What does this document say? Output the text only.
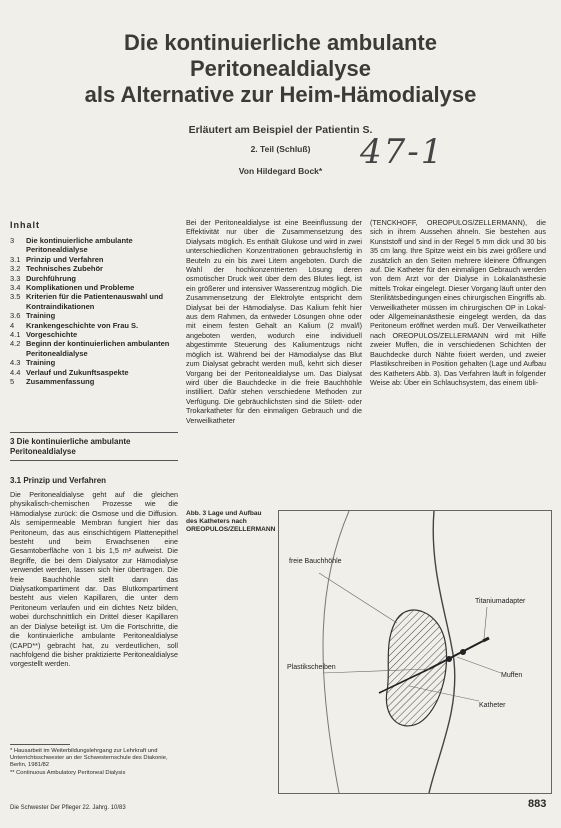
Die kontinuierliche ambulante
Peritonealdialyse
als Alternative zur Heim-Hämodialyse
Erläutert am Beispiel der Patientin S.
2. Teil (Schluß)
Von Hildegard Bock*	47-1
Inhalt
3	Die kontinuierliche ambulante Peritonealdialyse
3.1 Prinzip und Verfahren
3.2 Technisches Zubehör
3.3 Durchführung
3.4 Komplikationen und Probleme
3.5 Kriterien für die Patientenauswahl und Kontraindikationen
3.6 Training
4	Krankengeschichte von Frau S.
4.1 Vorgeschichte
4.2 Beginn der kontinuierlichen ambulanten Peritonealdialyse
4.3 Training
4.4 Verlauf und Zukunftsaspekte
5	Zusammenfassung
3 Die kontinuierliche ambulante Peritonealdialyse
3.1 Prinzip und Verfahren

Die Peritonealdialyse geht auf die gleichen physikalisch-chemischen Prozesse wie die Hämodialyse zurück: die Osmose und die Diffusion. Als semipermeable Membran fungiert hier das Peritoneum, das aus einschichtigem Plattenepithel besteht und beim Erwachsenen eine Gesamtoberfläche von 1 bis 1,5 m² aufweist. Die Begriffe, die bei dem Dialysator zur Hämodialyse verwendet werden, lassen sich hier übertragen. Die freie Bauchhöhle stellt dann das Dialysatkompartiment dar. Das Blutkompartiment besteht aus vielen Kapillaren, die unter dem Peritoneum verlaufen und ein dichtes Netz bilden, wobei durchschnittlich ein Drittel dieser Kapillaren an der Dialyse beteiligt ist. Um die Fortschritte, die die kontinuierliche ambulante Peritonealdialyse (CAPD**) gebracht hat, zu verdeutlichen, soll nachfolgend die bisher praktizierte Peritonealdialyse vorgestellt werden.

Bei der Peritonealdialyse ist eine Beeinflussung der Effektivität nur über die Zusammensetzung des Dialysats möglich. Es enthält Glukose und wird in zwei unterschiedlichen Konzentrationen gebrauchsfertig in Beuteln zu ein bis zwei Litern angeboten. Durch die Wahl der hochkonzentrierten Lösung deren osmotischer Druck weit über dem des Blutes liegt, ist ein größerer und intensiver Wasserentzug möglich. Die Zusammensetzung der Elektrolyte entspricht dem Dialysat bei der Hämodialyse. Das Kalium fehlt hier aus dem Rahmen, da entweder Lösungen ohne oder mit einem festen Gehalt an Kalium (2 mval/l) angeboten werden, wodurch eine individuell abgestimmte Steuerung des Kaliumentzugs nicht möglich ist. Während bei der Hämodialyse das Blut zum Dialysat gebracht werden muß, kehrt sich dieser Vorgang bei der Peritonealdialyse um. Das Dialysat wird über die Bauchdecke in die freie Bauchhöhle instilliert. Dafür stehen verschiedene Methoden zur Verfügung. Die gebräuchlichsten sind die Stilett- oder Trokarkatheter für den einmaligen Gebrauch und die Verweilkatheter

(TENCKHOFF, OREOPULOS/ZELLERMANN), die sich in ihrem Aussehen ähneln. Sie bestehen aus Kunststoff und sind in der Regel 5 mm dick und 30 bis 35 cm lang. Ihre Spitze weist ein bis zwei größere und zusätzlich an den Seiten mehrere kleinere Öffnungen auf. Die Katheter für den einmaligen Gebrauch werden von dem Arzt vor der Dialyse in Lokalanästhesie mittels Trokar eingelegt. Dieser Vorgang läuft unter den Sterilitätsbedingungen eines chirurgischen Eingriffs ab. Verweilkatheter müssen im chirurgischen OP in Lokal- oder Allgemeinanästhesie eingelegt werden, da das Peritoneum eröffnet werden muß. Der Verweilkatheter nach OREOPULOS/ZELLERMANN wird mit Hilfe zweier Muffen, die in verschiedenen Schichten der Bauchdecke durch Nähte fixiert werden, und zweier Plastikschreiben in Position gehalten (Lage und Aufbau des Katheters Abb. 3). Das Verfahren läuft in folgender Weise ab: Über ein Schlauchsystem, das einem übli-

Abb. 3 Lage und Aufbau des Katheters nach OREOPULOS/ZELLERMANN
freie Bauchhöhle
Titaniumadapter
Plastikscheiben
Muffen
Katheter
* Hausarbeit im Weiterbildungslehrgang zur Lehrkraft und Unterrichtsschwester an der Schwesternschule des Diakonie, Berlin, 1981/82
** Continuous Ambulatory Peritoneal Dialysis
Die Schwester Der Pfleger 22. Jahrg. 10/83	883
